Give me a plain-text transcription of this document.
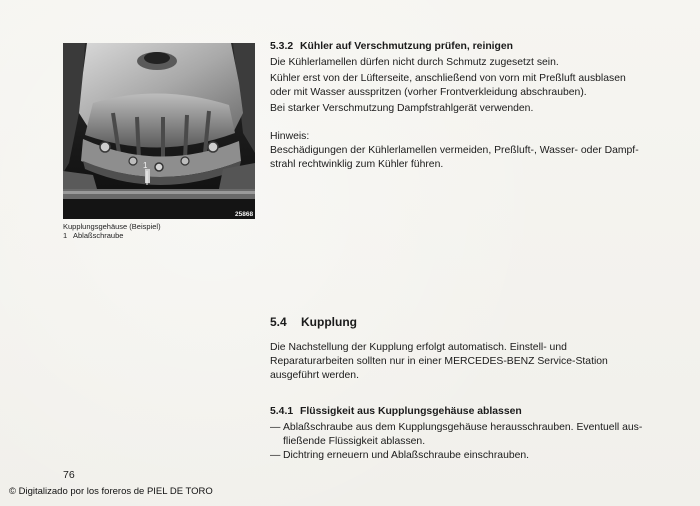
1
25868
Kupplungsgehäuse (Beispiel)
1 Ablaßschraube
5.3.2 Kühler auf Verschmutzung prüfen, reinigen
Die Kühlerlamellen dürfen nicht durch Schmutz zugesetzt sein.
Kühler erst von der Lüfterseite, anschließend von vorn mit Preßluft ausblasen
oder mit Wasser ausspritzen (vorher Frontverkleidung abschrauben).
Bei starker Verschmutzung Dampfstrahlgerät verwenden.
Hinweis:
Beschädigungen der Kühlerlamellen vermeiden, Preßluft-, Wasser- oder Dampf-
strahl rechtwinklig zum Kühler führen.
5.4 Kupplung
Die Nachstellung der Kupplung erfolgt automatisch. Einstell- und
Reparaturarbeiten sollten nur in einer MERCEDES-BENZ Service-Station
ausgeführt werden.
5.4.1 Flüssigkeit aus Kupplungsgehäuse ablassen
— Ablaßschraube aus dem Kupplungsgehäuse herausschrauben. Eventuell aus-
fließende Flüssigkeit ablassen.
— Dichtring erneuern und Ablaßschraube einschrauben.
76
© Digitalizado por los foreros de PIEL DE TORO
